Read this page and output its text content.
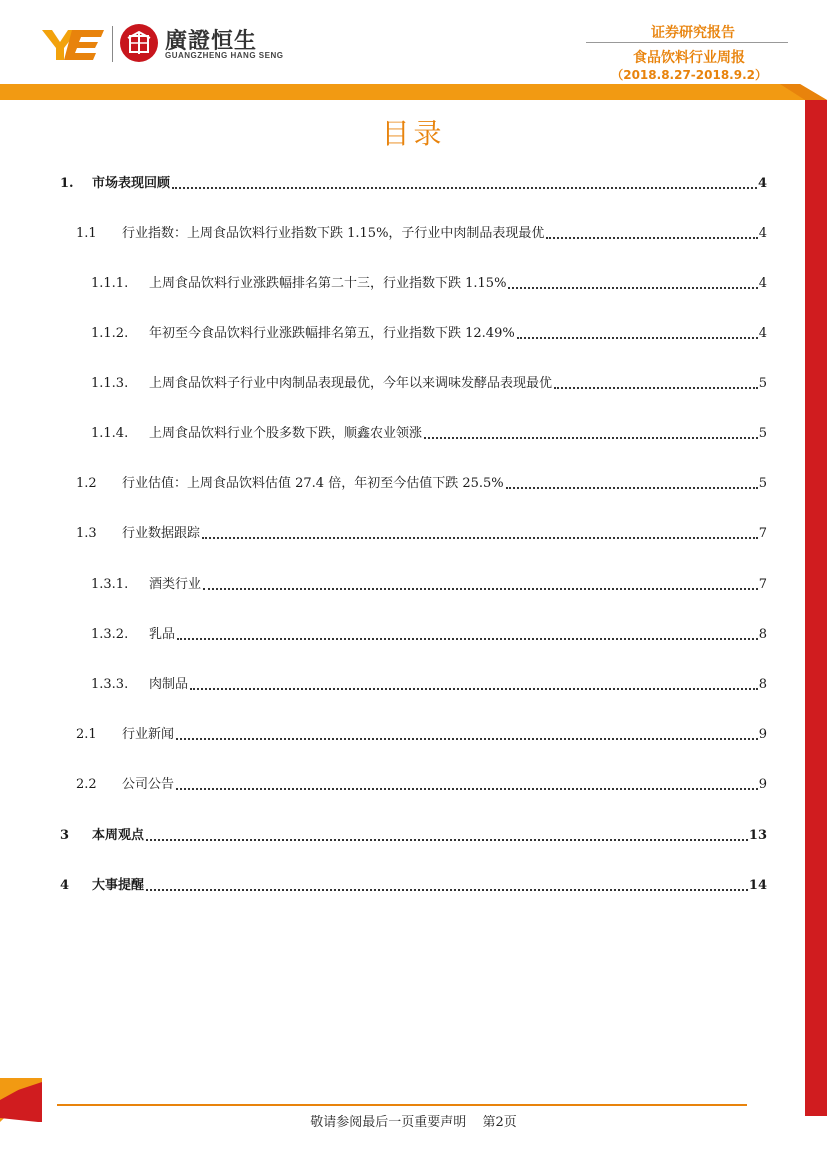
廣證恒生
GUANGZHENG HANG SENG
证券研究报告
食品饮料行业周报
（2018.8.27-2018.9.2）
目录
1.	市场表现回顾	4
1.1	行业指数：上周食品饮料行业指数下跌 1.15%，子行业中肉制品表现最优	4
1.1.1.	上周食品饮料行业涨跌幅排名第二十三，行业指数下跌 1.15%	4
1.1.2.	年初至今食品饮料行业涨跌幅排名第五，行业指数下跌 12.49%	4
1.1.3.	上周食品饮料子行业中肉制品表现最优，今年以来调味发酵品表现最优	5
1.1.4.	上周食品饮料行业个股多数下跌，顺鑫农业领涨	5
1.2	行业估值：上周食品饮料估值 27.4 倍，年初至今估值下跌 25.5%	5
1.3	行业数据跟踪	7
1.3.1.	酒类行业	7
1.3.2.	乳品	8
1.3.3.	肉制品	8
2.1	行业新闻	9
2.2	公司公告	9
3	本周观点	13
4	大事提醒	14
敬请参阅最后一页重要声明 第2页
